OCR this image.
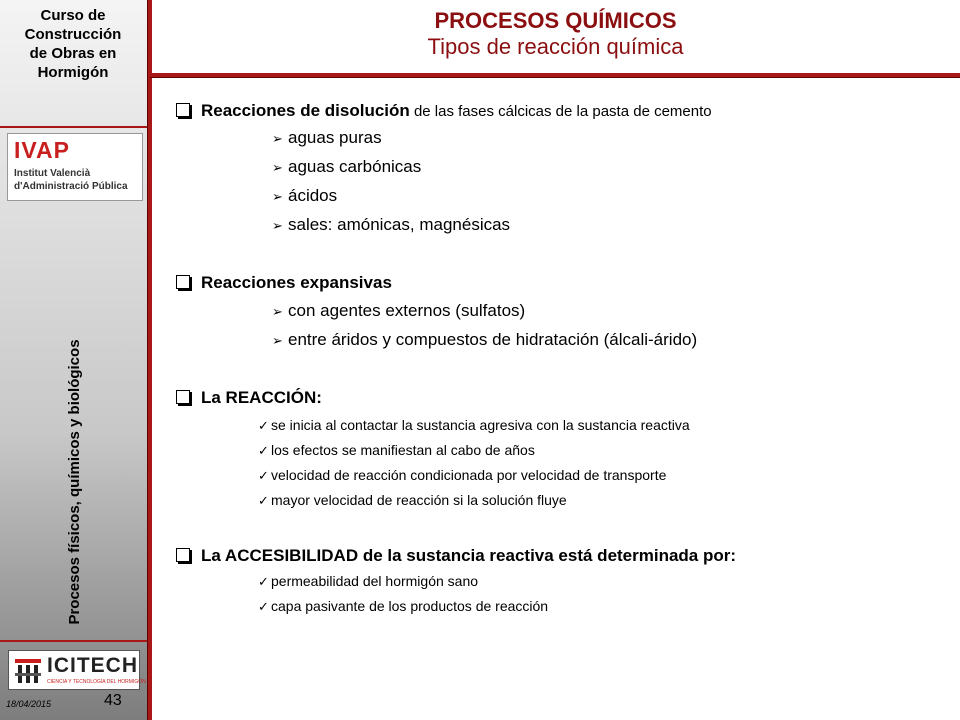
Curso de
Construcción
de Obras en
Hormigón
IVAP
Institut Valencià
d'Administració Pública
Procesos físicos, químicos y biológicos
ICITECH
CIENCIA Y TECNOLOGÍA DEL HORMIGÓN
18/04/2015	43
PROCESOS QUÍMICOS
Tipos de reacción química
Reacciones de disolución de las fases cálcicas de la pasta de cemento
➢ aguas puras
➢ aguas carbónicas
➢ ácidos
➢ sales: amónicas, magnésicas
Reacciones expansivas
➢ con agentes externos (sulfatos)
➢ entre áridos y compuestos de hidratación (álcali-árido)
La REACCIÓN:
✓ se inicia al contactar la sustancia agresiva con la sustancia reactiva
✓ los efectos se manifiestan al cabo de años
✓ velocidad de reacción condicionada por velocidad de transporte
✓ mayor velocidad de reacción si la solución fluye
La ACCESIBILIDAD de la sustancia reactiva está determinada por:
✓ permeabilidad del hormigón sano
✓ capa pasivante de los productos de reacción
